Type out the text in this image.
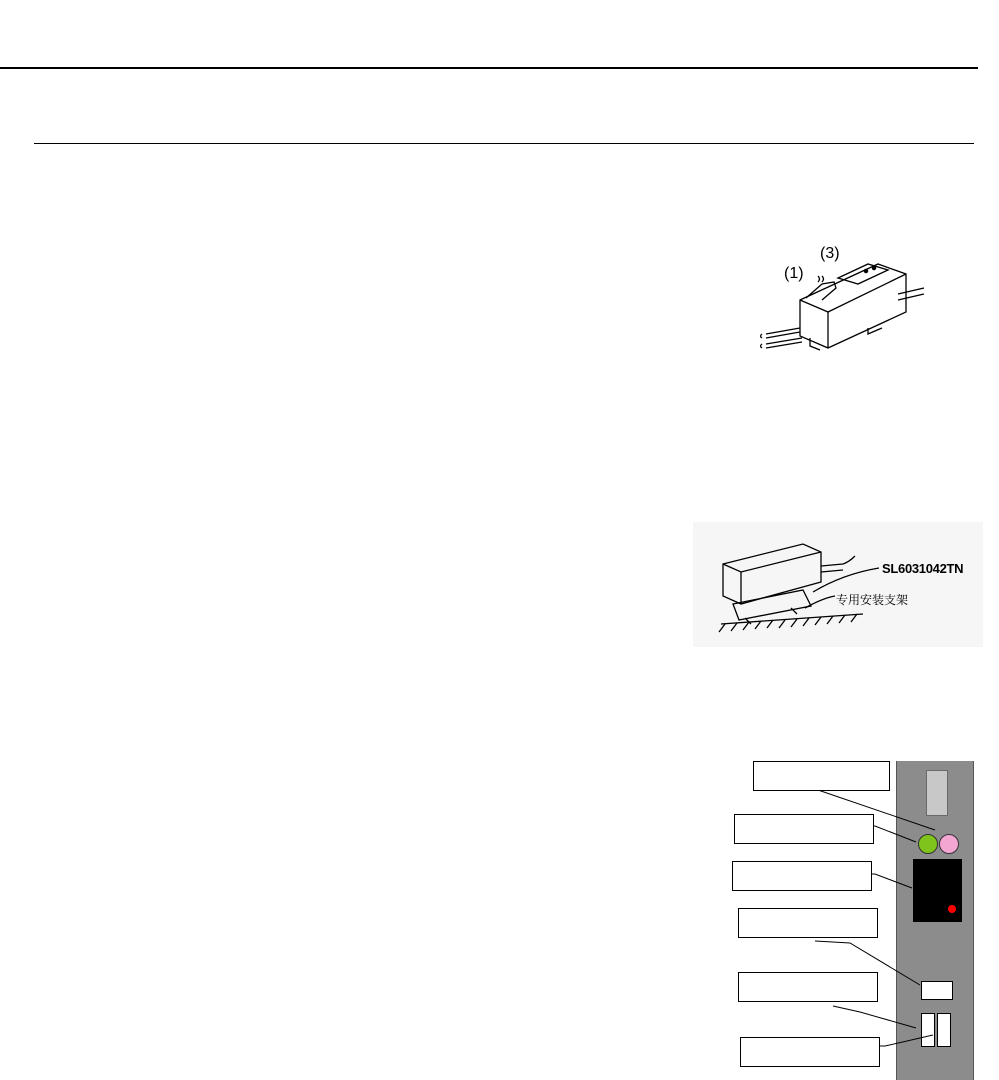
(1)
(3)
SL6031042TN
专用安装支架
